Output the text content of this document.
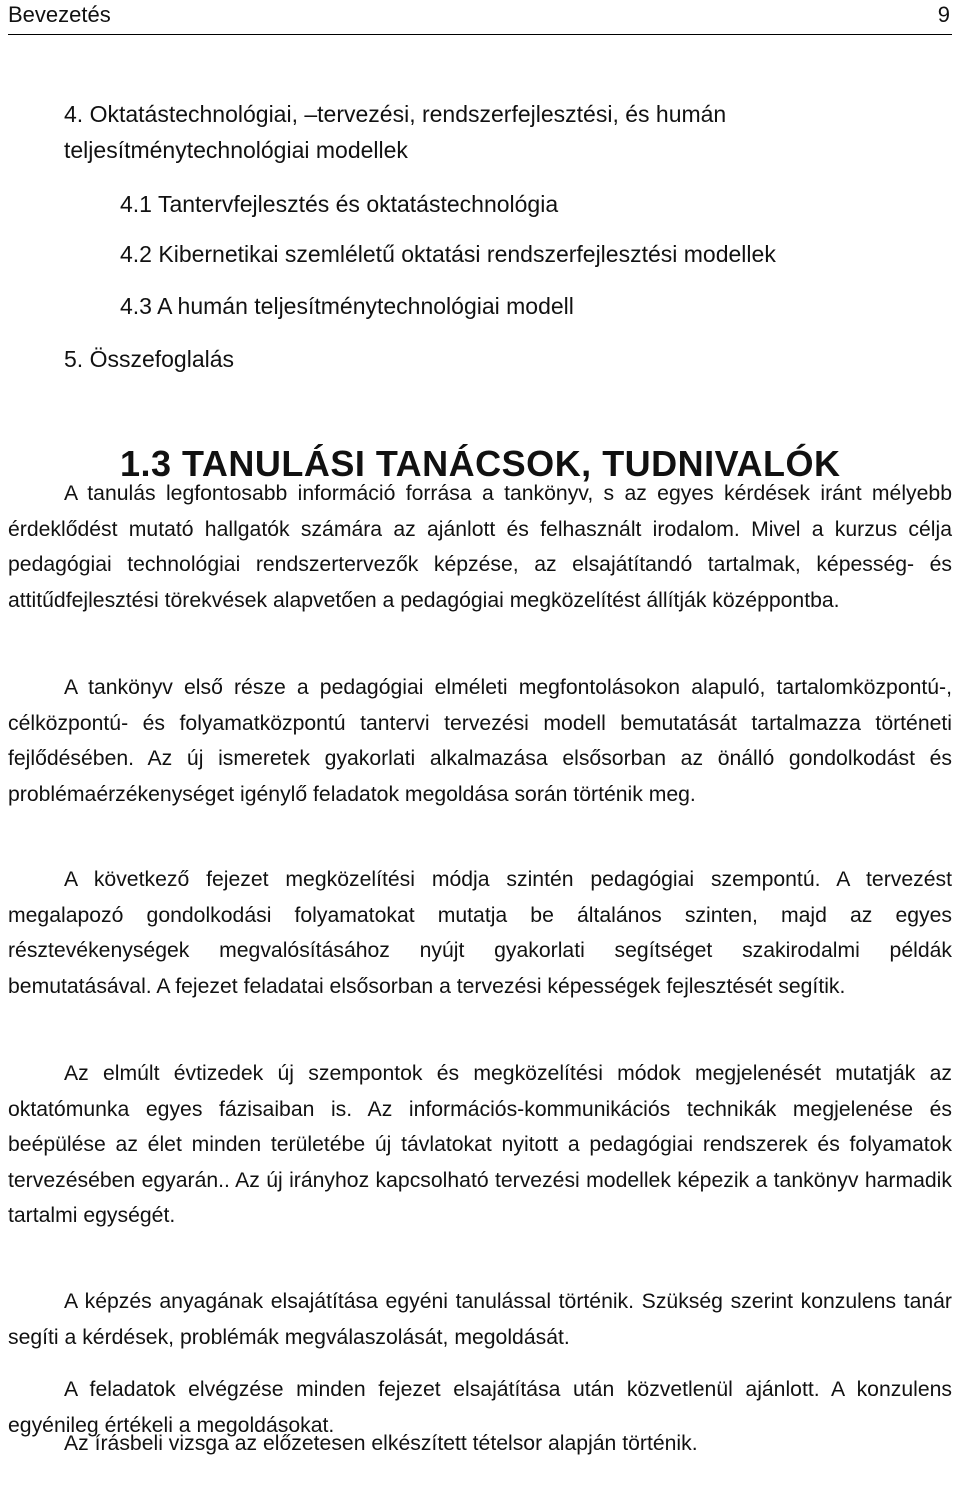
Bevezetés	9
4. Oktatástechnológiai, –tervezési, rendszerfejlesztési, és humán teljesítménytechnológiai modellek
4.1 Tantervfejlesztés és oktatástechnológia
4.2 Kibernetikai szemléletű oktatási rendszerfejlesztési modellek
4.3 A humán teljesítménytechnológiai modell
5. Összefoglalás
1.3 TANULÁSI TANÁCSOK, TUDNIVALÓK

A tanulás legfontosabb információ forrása a tankönyv, s az egyes kérdések iránt mélyebb érdeklődést mutató hallgatók számára az ajánlott és felhasznált irodalom. Mivel a kurzus célja pedagógiai technológiai rendszertervezők képzése, az elsajátítandó tartalmak, képesség- és attitűdfejlesztési törekvések alapvetően a pedagógiai megközelítést állítják középpontba.

A tankönyv első része a pedagógiai elméleti megfontolásokon alapuló, tartalomközpontú-, célközpontú- és folyamatközpontú tantervi tervezési modell bemutatását tartalmazza történeti fejlődésében. Az új ismeretek gyakorlati alkalmazása elsősorban az önálló gondolkodást és problémaérzékenységet igénylő feladatok megoldása során történik meg.

A következő fejezet megközelítési módja szintén pedagógiai szempontú. A tervezést megalapozó gondolkodási folyamatokat mutatja be általános szinten, majd az egyes résztevékenységek megvalósításához nyújt gyakorlati segítséget szakirodalmi példák bemutatásával. A fejezet feladatai elsősorban a tervezési képességek fejlesztését segítik.

Az elmúlt évtizedek új szempontok és megközelítési módok megjelenését mutatják az oktatómunka egyes fázisaiban is. Az információs-kommunikációs technikák megjelenése és beépülése az élet minden területébe új távlatokat nyitott a pedagógiai rendszerek és folyamatok tervezésében egyarán.. Az új irányhoz kapcsolható tervezési modellek képezik a tankönyv harmadik tartalmi egységét.

A képzés anyagának elsajátítása egyéni tanulással történik. Szükség szerint konzulens tanár segíti a kérdések, problémák megválaszolását, megoldását.

A feladatok elvégzése minden fejezet elsajátítása után közvetlenül ajánlott. A konzulens egyénileg értékeli a megoldásokat.

Az írásbeli vizsga az előzetesen elkészített tételsor alapján történik.
